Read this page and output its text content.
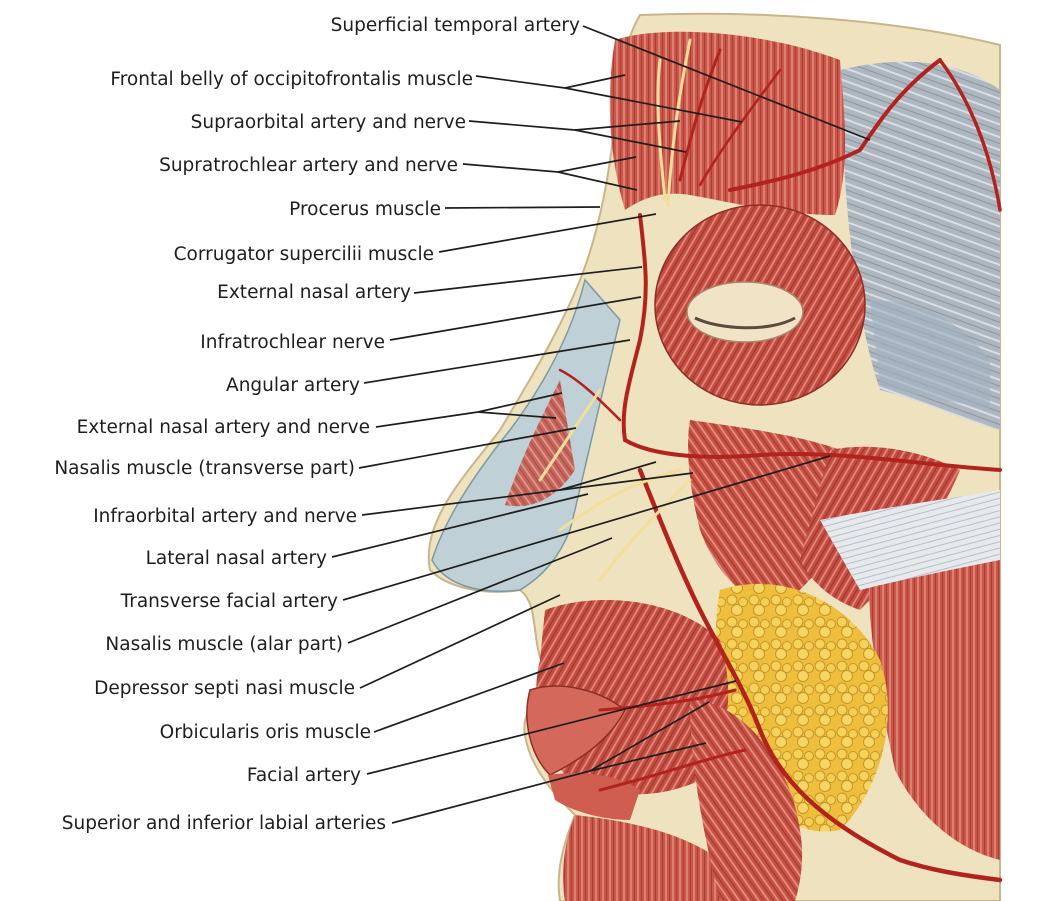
Superficial temporal artery
Frontal belly of occipitofrontalis muscle
Supraorbital artery and nerve
Supratrochlear artery and nerve
Procerus muscle
Corrugator supercilii muscle
External nasal artery
Infratrochlear nerve
Angular artery
External nasal artery and nerve
Nasalis muscle (transverse part)
Infraorbital artery and nerve
Lateral nasal artery
Transverse facial artery
Nasalis muscle (alar part)
Depressor septi nasi muscle
Orbicularis oris muscle
Facial artery
Superior and inferior labial arteries
